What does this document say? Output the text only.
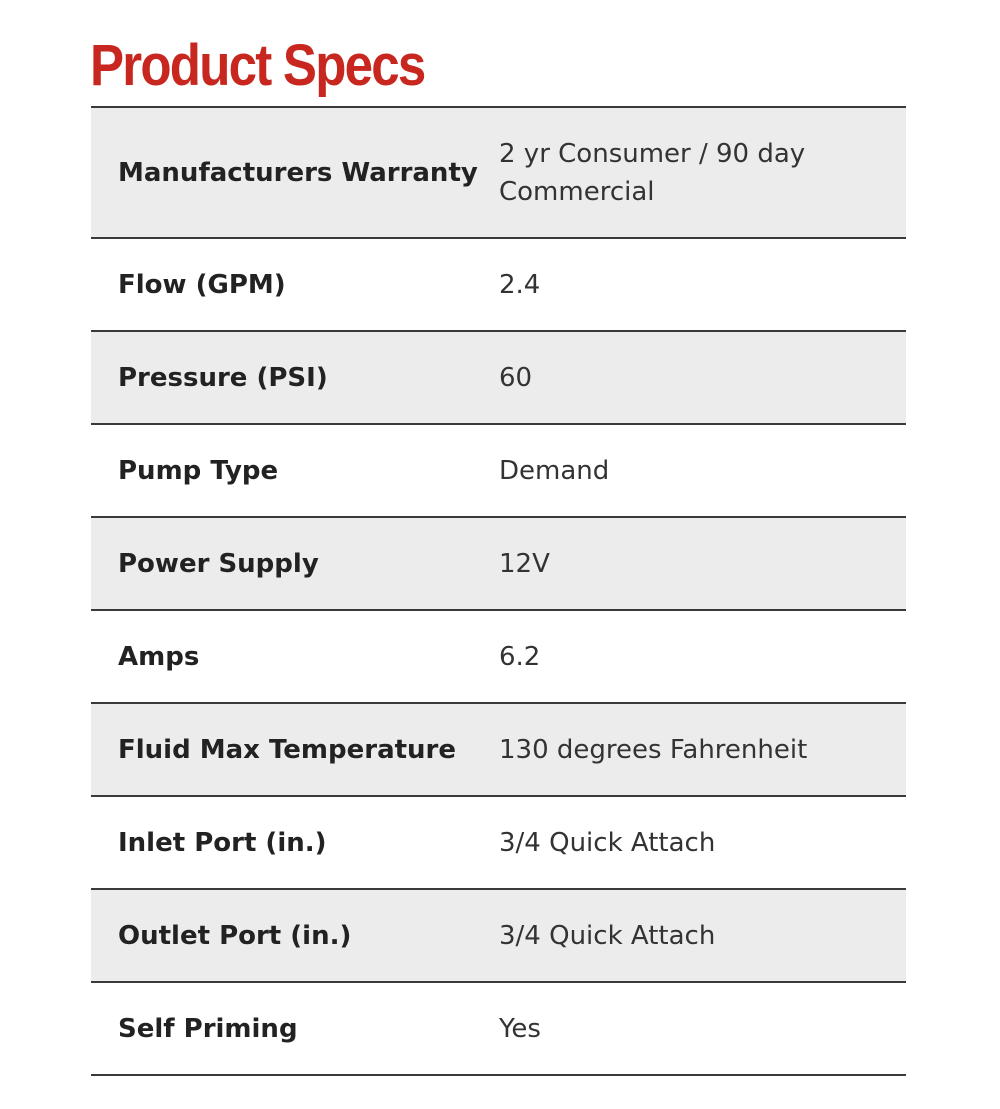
Product Specs
Manufacturers Warranty	2 yr Consumer / 90 day Commercial
Flow (GPM)	2.4
Pressure (PSI)	60
Pump Type	Demand
Power Supply	12V
Amps	6.2
Fluid Max Temperature	130 degrees Fahrenheit
Inlet Port (in.)	3/4 Quick Attach
Outlet Port (in.)	3/4 Quick Attach
Self Priming	Yes
